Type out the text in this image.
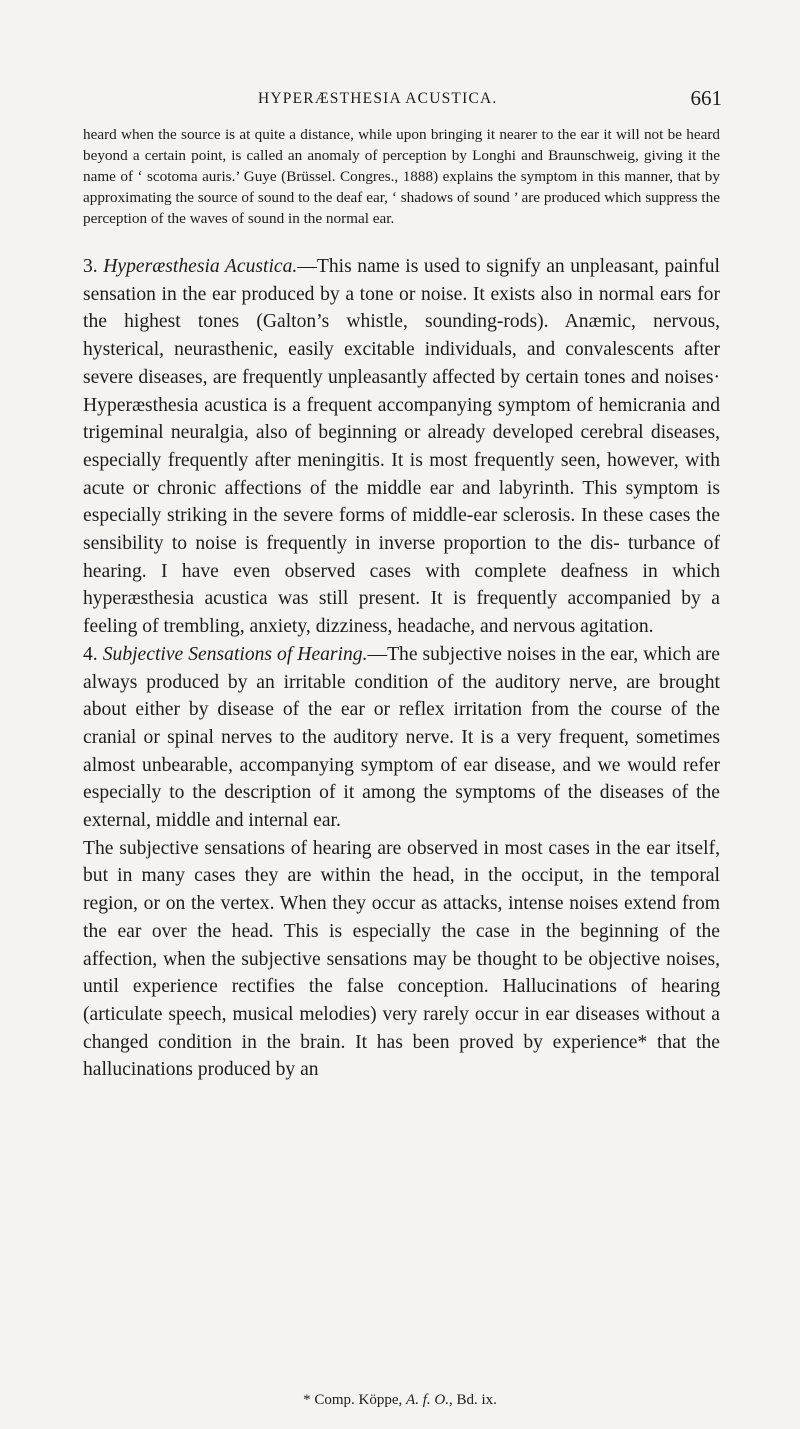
HYPERÆSTHESIA ACUSTICA.	661

heard when the source is at quite a distance, while upon bringing it nearer to the ear it will not be heard beyond a certain point, is called an anomaly of perception by Longhi and Braunschweig, giving it the name of ‘ scotoma auris.’ Guye (Brüssel. Congres., 1888) explains the symptom in this manner, that by approximating the source of sound to the deaf ear, ‘ shadows of sound ’ are produced which suppress the perception of the waves of sound in the normal ear.

3. Hyperæsthesia Acustica.—This name is used to signify an unpleasant, painful sensation in the ear produced by a tone or noise. It exists also in normal ears for the highest tones (Galton’s whistle, sounding-rods). Anæmic, nervous, hysterical, neurasthenic, easily excitable individuals, and convalescents after severe diseases, are frequently unpleasantly affected by certain tones and noises· Hyperæsthesia acustica is a frequent accompanying symptom of hemicrania and trigeminal neuralgia, also of beginning or already developed cerebral diseases, especially frequently after meningitis. It is most frequently seen, however, with acute or chronic affections of the middle ear and labyrinth. This symptom is especially striking in the severe forms of middle-ear sclerosis. In these cases the sensibility to noise is frequently in inverse proportion to the dis- turbance of hearing. I have even observed cases with complete deafness in which hyperæsthesia acustica was still present. It is frequently accompanied by a feeling of trembling, anxiety, dizziness, headache, and nervous agitation.

4. Subjective Sensations of Hearing.—The subjective noises in the ear, which are always produced by an irritable condition of the auditory nerve, are brought about either by disease of the ear or reflex irritation from the course of the cranial or spinal nerves to the auditory nerve. It is a very frequent, sometimes almost unbearable, accompanying symptom of ear disease, and we would refer especially to the description of it among the symptoms of the diseases of the external, middle and internal ear.

The subjective sensations of hearing are observed in most cases in the ear itself, but in many cases they are within the head, in the occiput, in the temporal region, or on the vertex. When they occur as attacks, intense noises extend from the ear over the head. This is especially the case in the beginning of the affection, when the subjective sensations may be thought to be objective noises, until experience rectifies the false conception. Hallucinations of hearing (articulate speech, musical melodies) very rarely occur in ear diseases without a changed condition in the brain. It has been proved by experience* that the hallucinations produced by an

* Comp. Köppe, A. f. O., Bd. ix.
